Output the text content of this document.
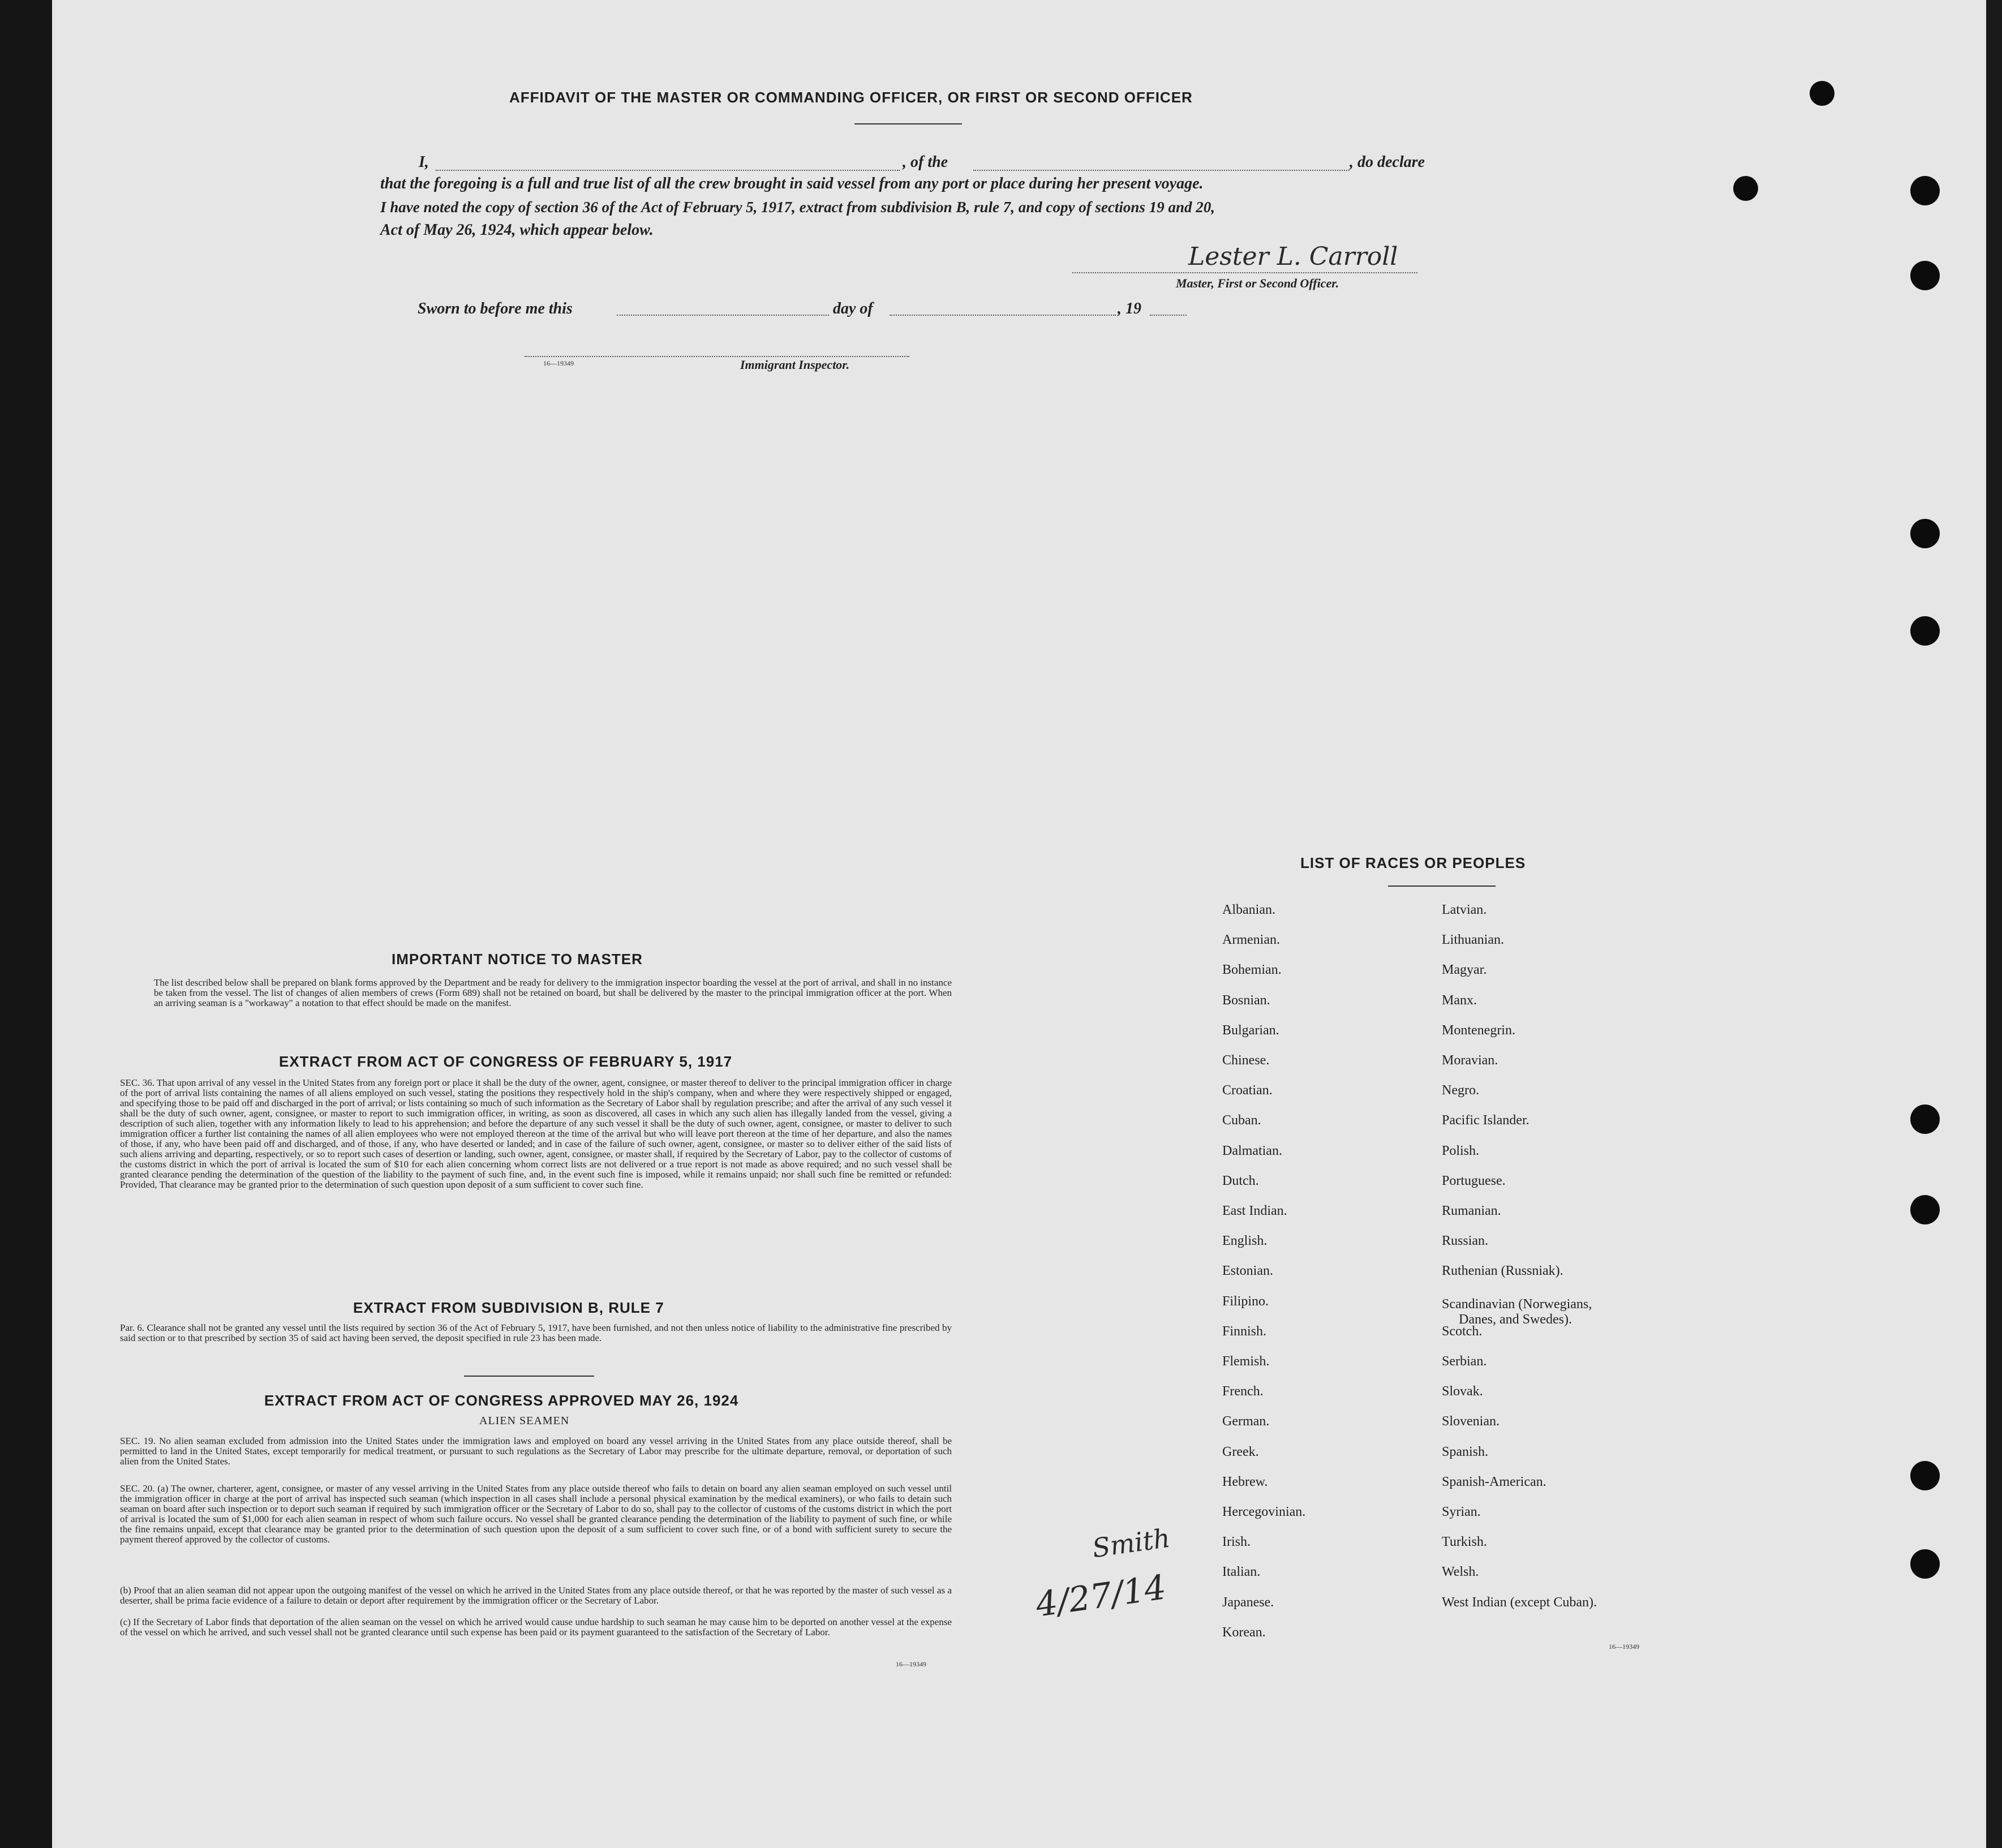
AFFIDAVIT OF THE MASTER OR COMMANDING OFFICER, OR FIRST OR SECOND OFFICER
I,	, of the	, do declare
that the foregoing is a full and true list of all the crew brought in said vessel from any port or place during her present voyage.
I have noted the copy of section 36 of the Act of February 5, 1917, extract from subdivision B, rule 7, and copy of sections 19 and 20,
Act of May 26, 1924, which appear below.
Lester L. Carroll
Master, First or Second Officer.
Sworn to before me this	day of	, 19
16—19349	Immigrant Inspector.
IMPORTANT NOTICE TO MASTER
The list described below shall be prepared on blank forms approved by the Department and be ready for delivery to the immigration inspector boarding the vessel at the port of arrival, and shall in no instance be taken from the vessel. The list of changes of alien members of crews (Form 689) shall not be retained on board, but shall be delivered by the master to the principal immigration officer at the port. When an arriving seaman is a "workaway" a notation to that effect should be made on the manifest.
EXTRACT FROM ACT OF CONGRESS OF FEBRUARY 5, 1917
SEC. 36. That upon arrival of any vessel in the United States from any foreign port or place it shall be the duty of the owner, agent, consignee, or master thereof to deliver to the principal immigration officer in charge of the port of arrival lists containing the names of all aliens employed on such vessel, stating the positions they respectively hold in the ship's company, when and where they were respectively shipped or engaged, and specifying those to be paid off and discharged in the port of arrival; or lists containing so much of such information as the Secretary of Labor shall by regulation prescribe; and after the arrival of any such vessel it shall be the duty of such owner, agent, consignee, or master to report to such immigration officer, in writing, as soon as discovered, all cases in which any such alien has illegally landed from the vessel, giving a description of such alien, together with any information likely to lead to his apprehension; and before the departure of any such vessel it shall be the duty of such owner, agent, consignee, or master to deliver to such immigration officer a further list containing the names of all alien employees who were not employed thereon at the time of the arrival but who will leave port thereon at the time of her departure, and also the names of those, if any, who have been paid off and discharged, and of those, if any, who have deserted or landed; and in case of the failure of such owner, agent, consignee, or master so to deliver either of the said lists of such aliens arriving and departing, respectively, or so to report such cases of desertion or landing, such owner, agent, consignee, or master shall, if required by the Secretary of Labor, pay to the collector of customs of the customs district in which the port of arrival is located the sum of $10 for each alien concerning whom correct lists are not delivered or a true report is not made as above required; and no such vessel shall be granted clearance pending the determination of the question of the liability to the payment of such fine, and, in the event such fine is imposed, while it remains unpaid; nor shall such fine be remitted or refunded: Provided, That clearance may be granted prior to the determination of such question upon deposit of a sum sufficient to cover such fine.
EXTRACT FROM SUBDIVISION B, RULE 7
Par. 6. Clearance shall not be granted any vessel until the lists required by section 36 of the Act of February 5, 1917, have been furnished, and not then unless notice of liability to the administrative fine prescribed by said section or to that prescribed by section 35 of said act having been served, the deposit specified in rule 23 has been made.
EXTRACT FROM ACT OF CONGRESS APPROVED MAY 26, 1924
ALIEN SEAMEN
SEC. 19. No alien seaman excluded from admission into the United States under the immigration laws and employed on board any vessel arriving in the United States from any place outside thereof, shall be permitted to land in the United States, except temporarily for medical treatment, or pursuant to such regulations as the Secretary of Labor may prescribe for the ultimate departure, removal, or deportation of such alien from the United States.
SEC. 20. (a) The owner, charterer, agent, consignee, or master of any vessel arriving in the United States from any place outside thereof who fails to detain on board any alien seaman employed on such vessel until the immigration officer in charge at the port of arrival has inspected such seaman (which inspection in all cases shall include a personal physical examination by the medical examiners), or who fails to detain such seaman on board after such inspection or to deport such seaman if required by such immigration officer or the Secretary of Labor to do so, shall pay to the collector of customs of the customs district in which the port of arrival is located the sum of $1,000 for each alien seaman in respect of whom such failure occurs. No vessel shall be granted clearance pending the determination of the liability to payment of such fine, or while the fine remains unpaid, except that clearance may be granted prior to the determination of such question upon the deposit of a sum sufficient to cover such fine, or of a bond with sufficient surety to secure the payment thereof approved by the collector of customs.
(b) Proof that an alien seaman did not appear upon the outgoing manifest of the vessel on which he arrived in the United States from any place outside thereof, or that he was reported by the master of such vessel as a deserter, shall be prima facie evidence of a failure to detain or deport after requirement by the immigration officer or the Secretary of Labor.
(c) If the Secretary of Labor finds that deportation of the alien seaman on the vessel on which he arrived would cause undue hardship to such seaman he may cause him to be deported on another vessel at the expense of the vessel on which he arrived, and such vessel shall not be granted clearance until such expense has been paid or its payment guaranteed to the satisfaction of the Secretary of Labor.
16—19349
LIST OF RACES OR PEOPLES
16—19349
4/27/14
Smith
Albanian.
Armenian.
Bohemian.
Bosnian.
Bulgarian.
Chinese.
Croatian.
Cuban.
Dalmatian.
Dutch.
East Indian.
English.
Estonian.
Filipino.
Finnish.
Flemish.
French.
German.
Greek.
Hebrew.
Hercegovinian.
Irish.
Italian.
Japanese.
Korean.
Latvian.
Lithuanian.
Magyar.
Manx.
Montenegrin.
Moravian.
Negro.
Pacific Islander.
Polish.
Portuguese.
Rumanian.
Russian.
Ruthenian (Russniak).
Scandinavian (Norwegians,
Danes, and Swedes).
Scotch.
Serbian.
Slovak.
Slovenian.
Spanish.
Spanish-American.
Syrian.
Turkish.
Welsh.
West Indian (except Cuban).
